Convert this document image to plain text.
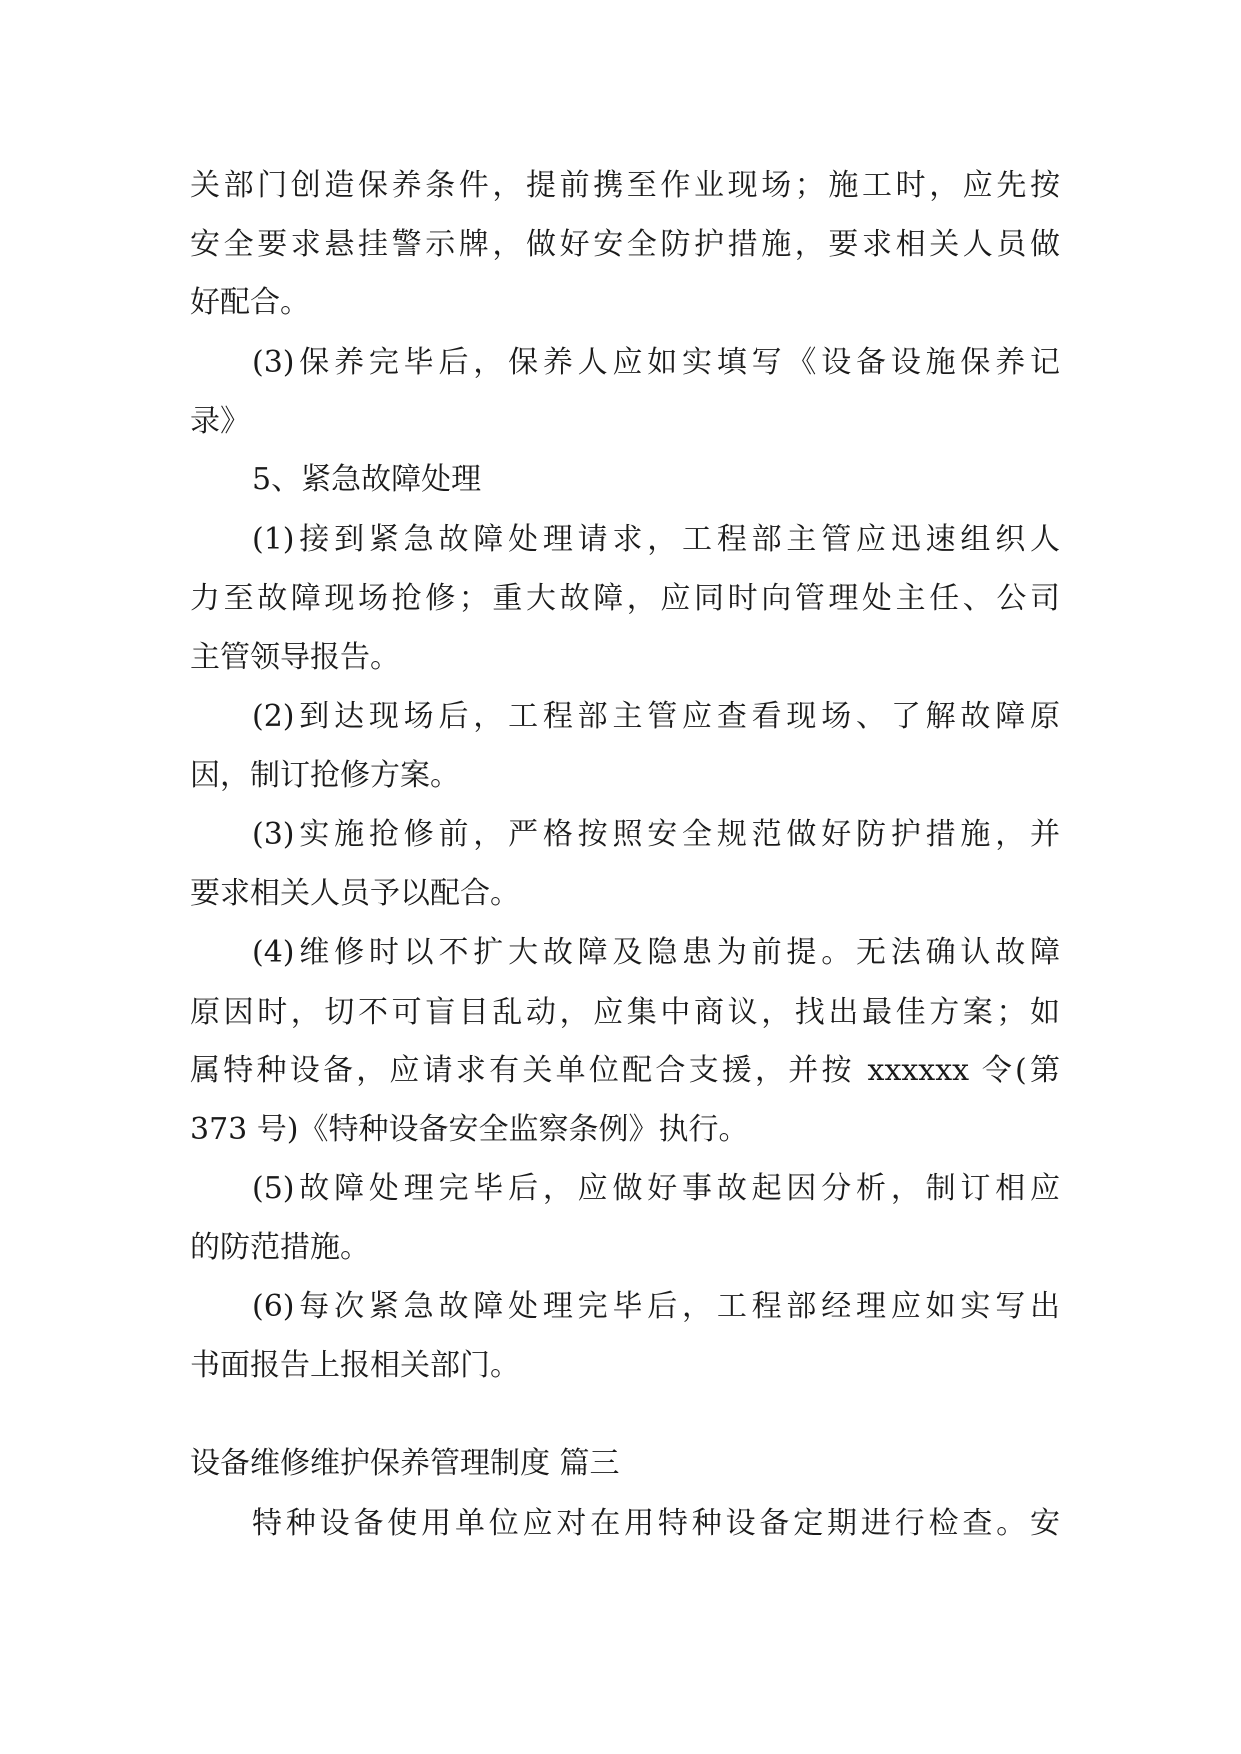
关部门创造保养条件，提前携至作业现场；施工时，应先按
安全要求悬挂警示牌，做好安全防护措施，要求相关人员做
好配合。
(3)保养完毕后，保养人应如实填写《设备设施保养记
录》
5、紧急故障处理
(1)接到紧急故障处理请求，工程部主管应迅速组织人
力至故障现场抢修；重大故障，应同时向管理处主任、公司
主管领导报告。
(2)到达现场后，工程部主管应查看现场、了解故障原
因，制订抢修方案。
(3)实施抢修前，严格按照安全规范做好防护措施，并
要求相关人员予以配合。
(4)维修时以不扩大故障及隐患为前提。无法确认故障
原因时，切不可盲目乱动，应集中商议，找出最佳方案；如
属特种设备，应请求有关单位配合支援，并按 xxxxxx 令(第
373 号)《特种设备安全监察条例》执行。
(5)故障处理完毕后，应做好事故起因分析，制订相应
的防范措施。
(6)每次紧急故障处理完毕后，工程部经理应如实写出
书面报告上报相关部门。
设备维修维护保养管理制度 篇三
特种设备使用单位应对在用特种设备定期进行检查。安
